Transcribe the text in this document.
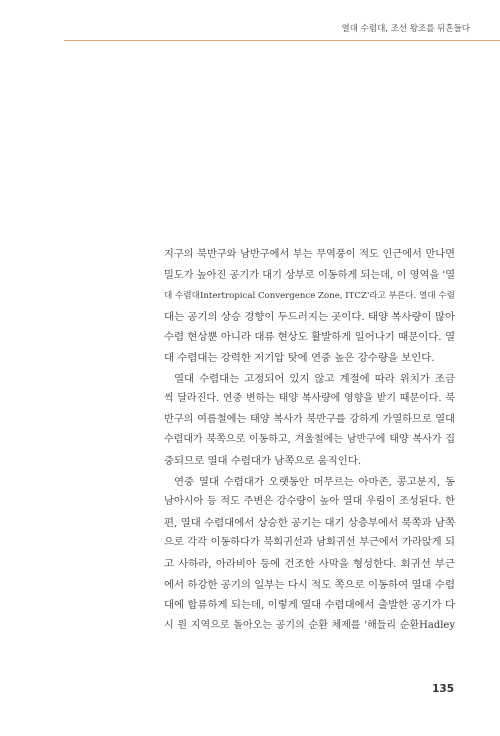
열대 수렴대, 조선 왕조를 뒤흔들다
지구의 북반구와 남반구에서 부는 무역풍이 적도 인근에서 만나면
밀도가 높아진 공기가 대기 상부로 이동하게 되는데, 이 영역을 '열
대 수렴대Intertropical Convergence Zone, ITCZ'라고 부른다. 열대 수렴
대는 공기의 상승 경향이 두드러지는 곳이다. 태양 복사량이 많아
수렴 현상뿐 아니라 대류 현상도 활발하게 일어나기 때문이다. 열
대 수렴대는 강력한 저기압 탓에 연중 높은 강수량을 보인다.
열대 수렴대는 고정되어 있지 않고 계절에 따라 위치가 조금
씩 달라진다. 연중 변하는 태양 복사량에 영향을 받기 때문이다. 북
반구의 여름철에는 태양 복사가 북반구를 강하게 가열하므로 열대
수렴대가 북쪽으로 이동하고, 겨울철에는 남반구에 태양 복사가 집
중되므로 열대 수렴대가 남쪽으로 움직인다.
연중 열대 수렴대가 오랫동안 머무르는 아마존, 콩고분지, 동
남아시아 등 적도 주변은 강수량이 높아 열대 우림이 조성된다. 한
편, 열대 수렴대에서 상승한 공기는 대기 상층부에서 북쪽과 남쪽
으로 각각 이동하다가 북회귀선과 남회귀선 부근에서 가라앉게 되
고 사하라, 아라비아 등에 건조한 사막을 형성한다. 회귀선 부근
에서 하강한 공기의 일부는 다시 적도 쪽으로 이동하여 열대 수렴
대에 합류하게 되는데, 이렇게 열대 수렴대에서 출발한 공기가 다
시 원 지역으로 돌아오는 공기의 순환 체제를 '해들리 순환Hadley
135
